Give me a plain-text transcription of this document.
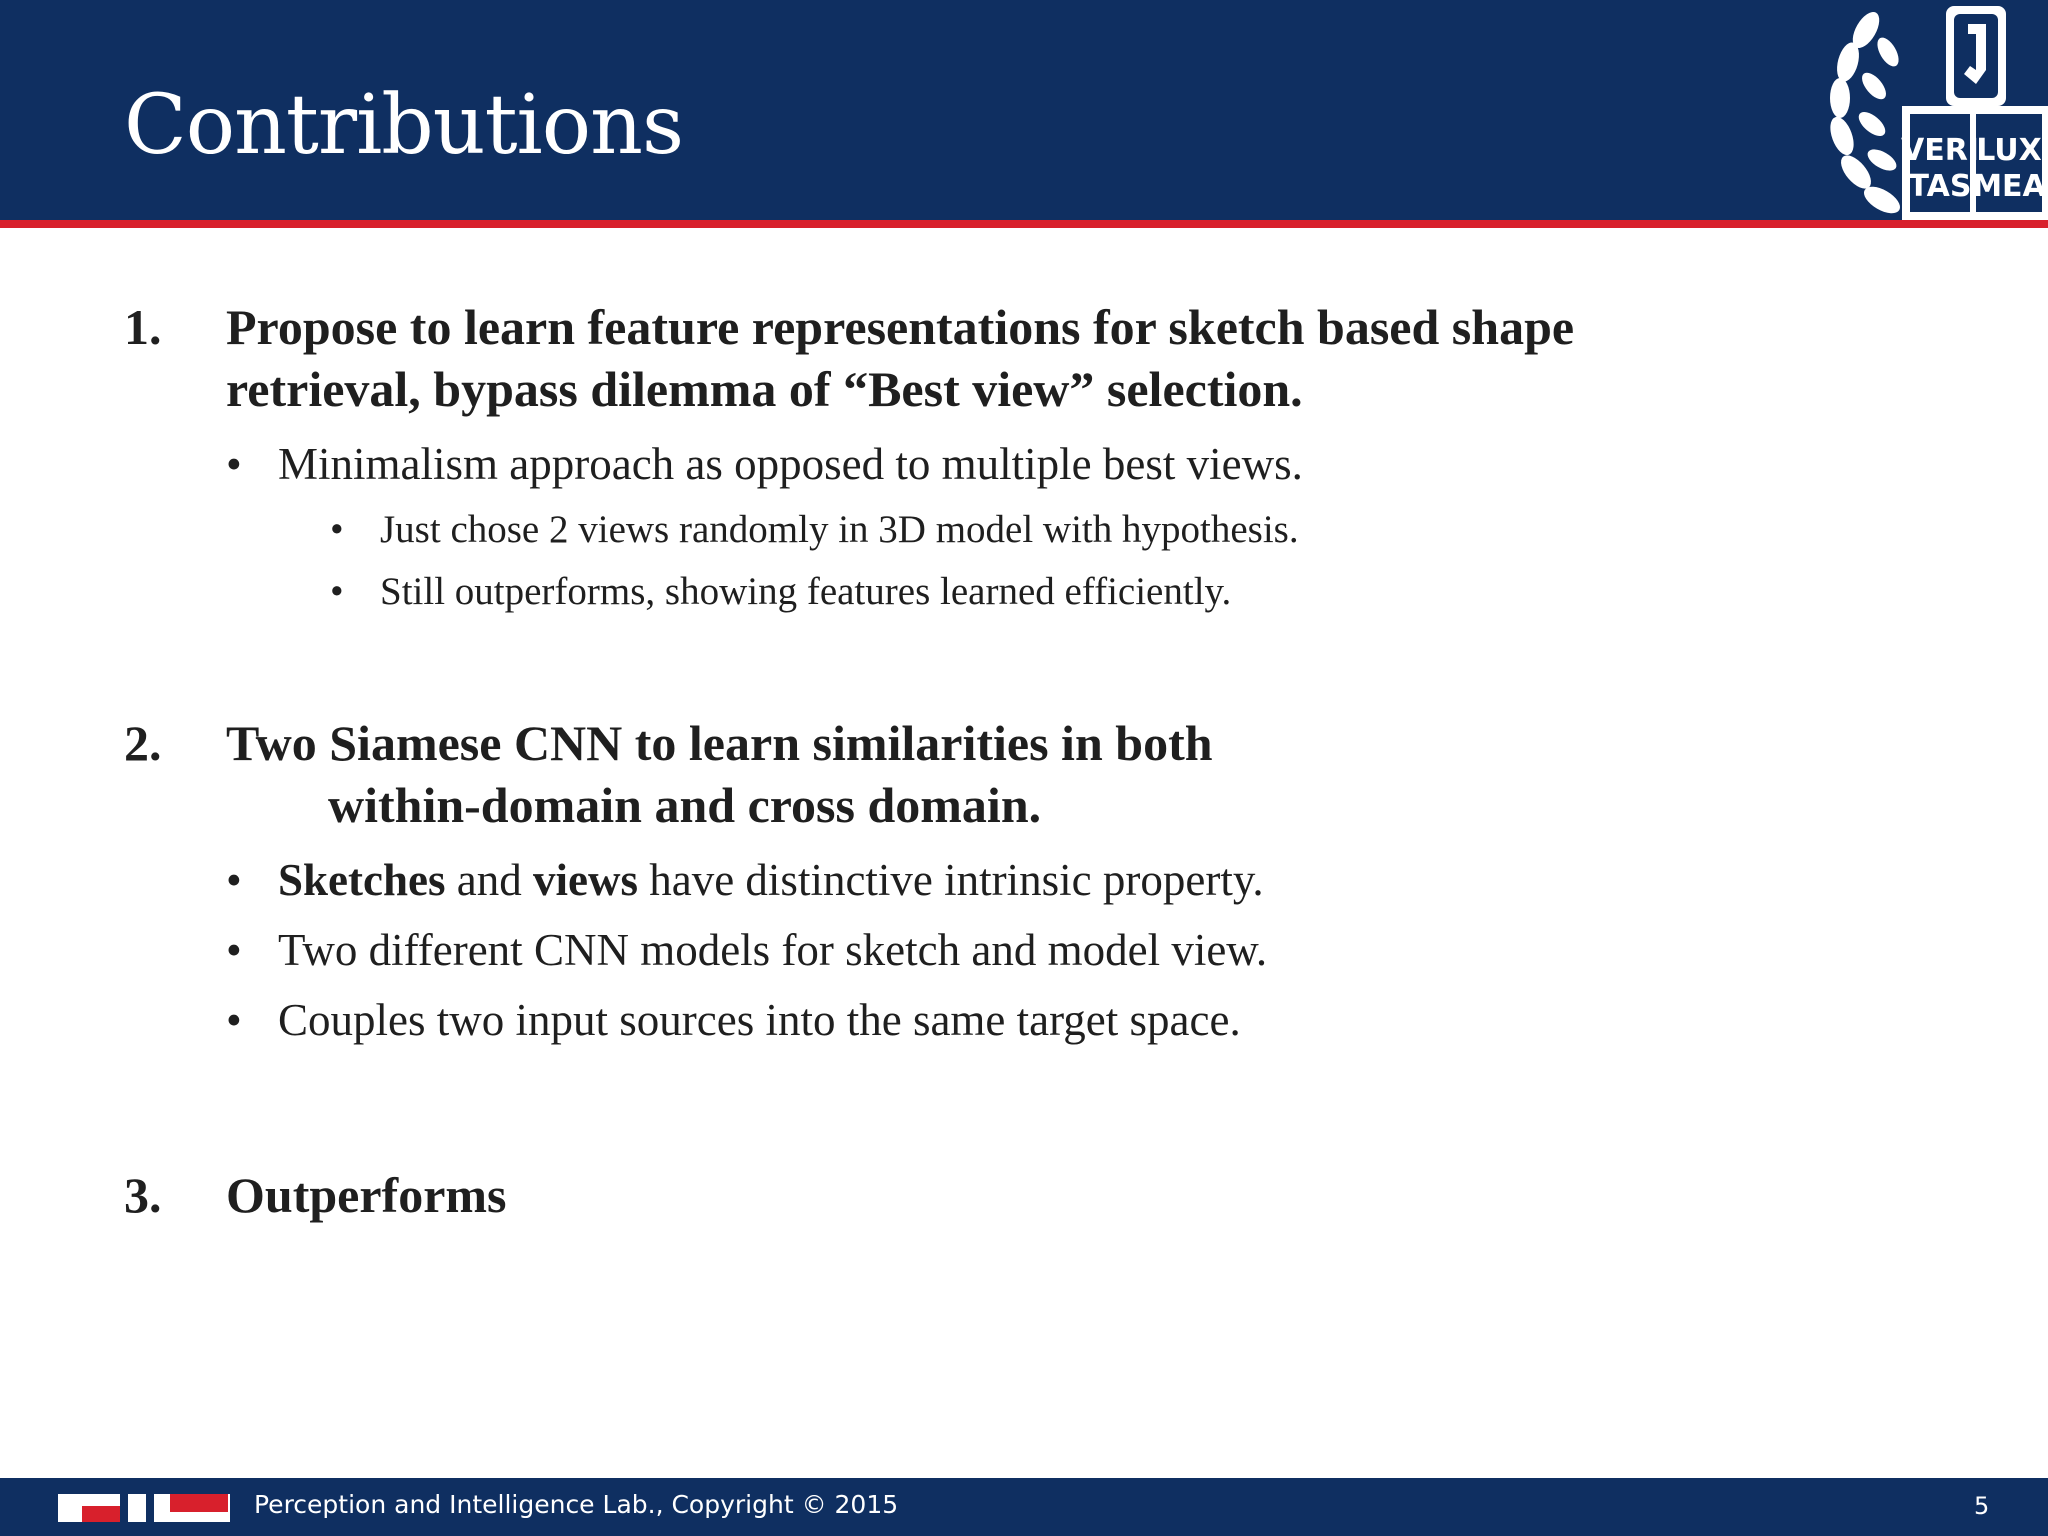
Contributions	VERI
LUX
TAS MEA
1. Propose to learn feature representations for sketch based shape
retrieval, bypass dilemma of “Best view” selection.
• Minimalism approach as opposed to multiple best views.
• Just chose 2 views randomly in 3D model with hypothesis.
• Still outperforms, showing features learned efficiently.
2. Two Siamese CNN to learn similarities in both
within-domain and cross domain.
• Sketches and views have distinctive intrinsic property.
• Two different CNN models for sketch and model view.
• Couples two input sources into the same target space.
3. Outperforms
Perception and Intelligence Lab., Copyright © 2015	5
